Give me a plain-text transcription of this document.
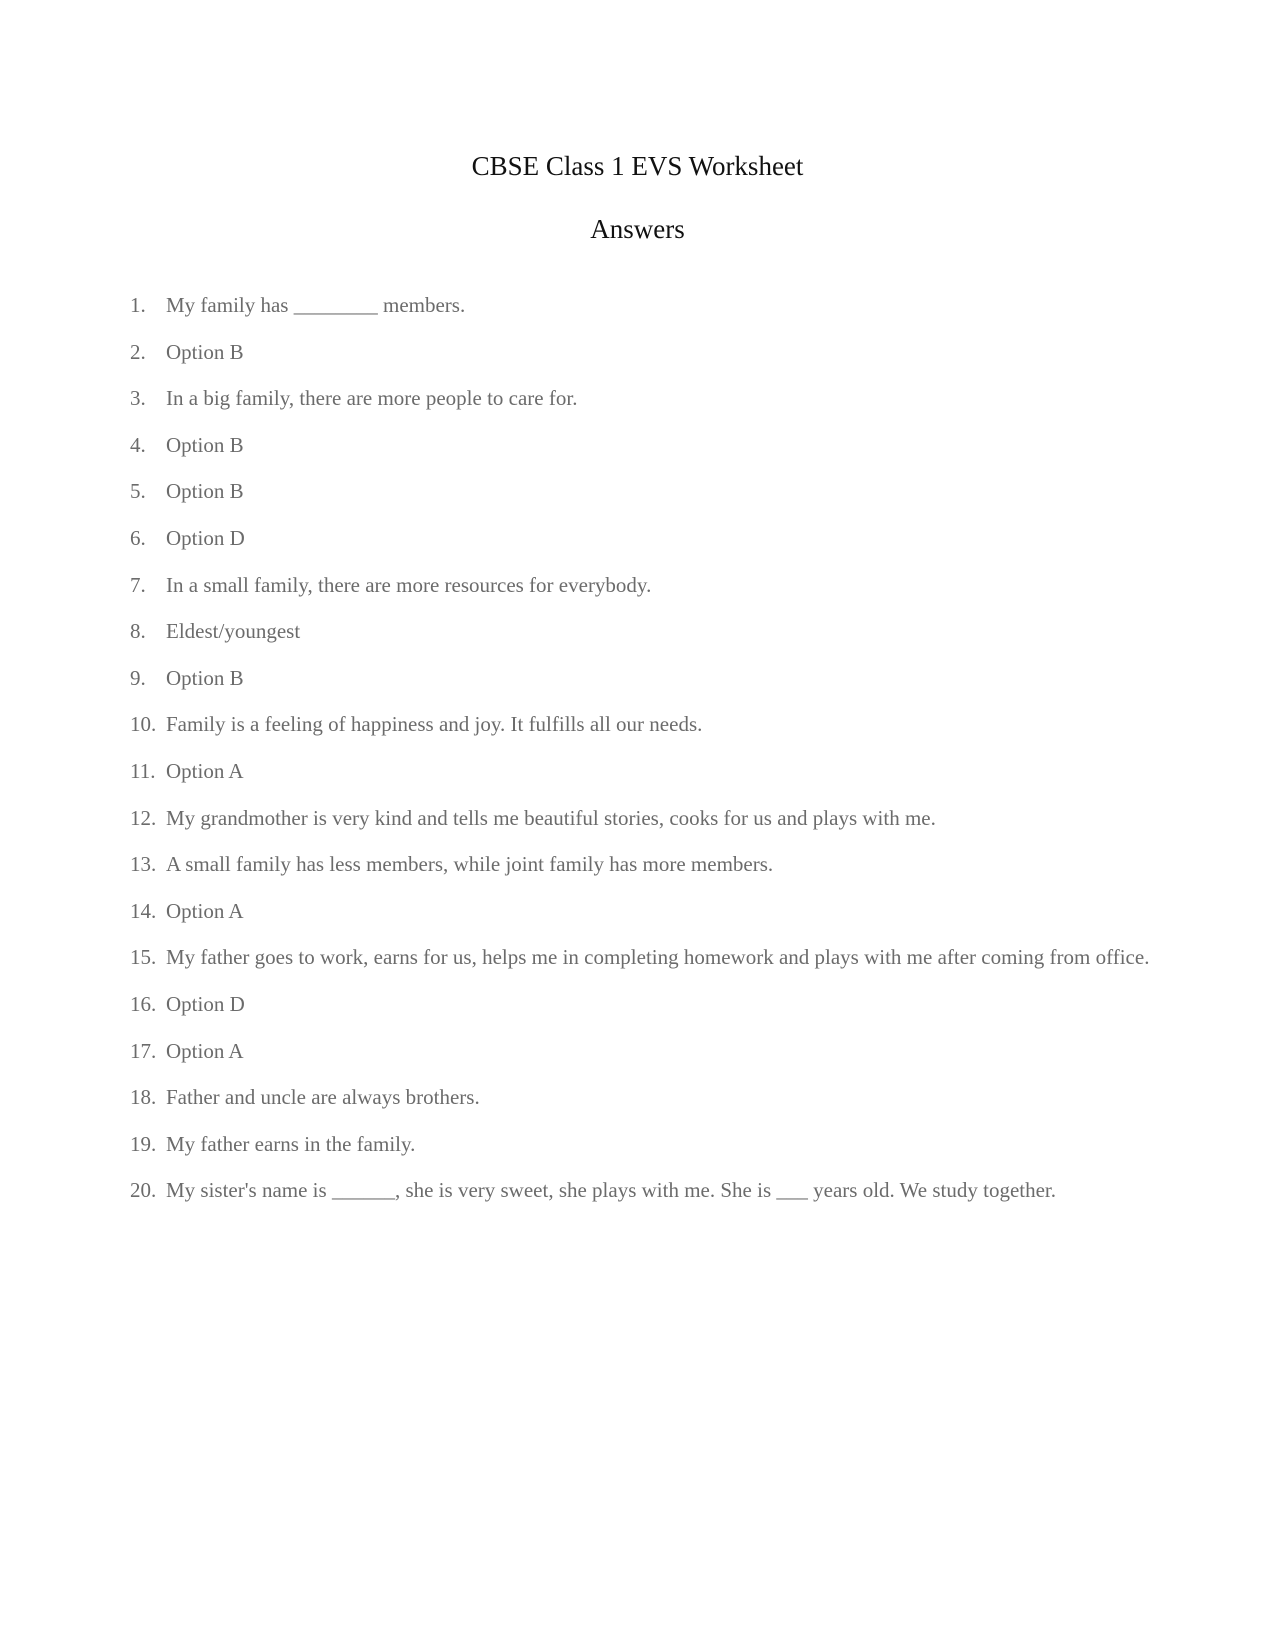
CBSE Class 1 EVS Worksheet
Answers
1. My family has ________ members.
2. Option B
3. In a big family, there are more people to care for.
4. Option B
5. Option B
6. Option D
7. In a small family, there are more resources for everybody.
8. Eldest/youngest
9. Option B
10. Family is a feeling of happiness and joy. It fulfills all our needs.
11. Option A
12. My grandmother is very kind and tells me beautiful stories, cooks for us and plays with me.
13. A small family has less members, while joint family has more members.
14. Option A
15. My father goes to work, earns for us, helps me in completing homework and plays with me after coming from office.
16. Option D
17. Option A
18. Father and uncle are always brothers.
19. My father earns in the family.
20. My sister's name is ______, she is very sweet, she plays with me. She is ___ years old. We study together.
